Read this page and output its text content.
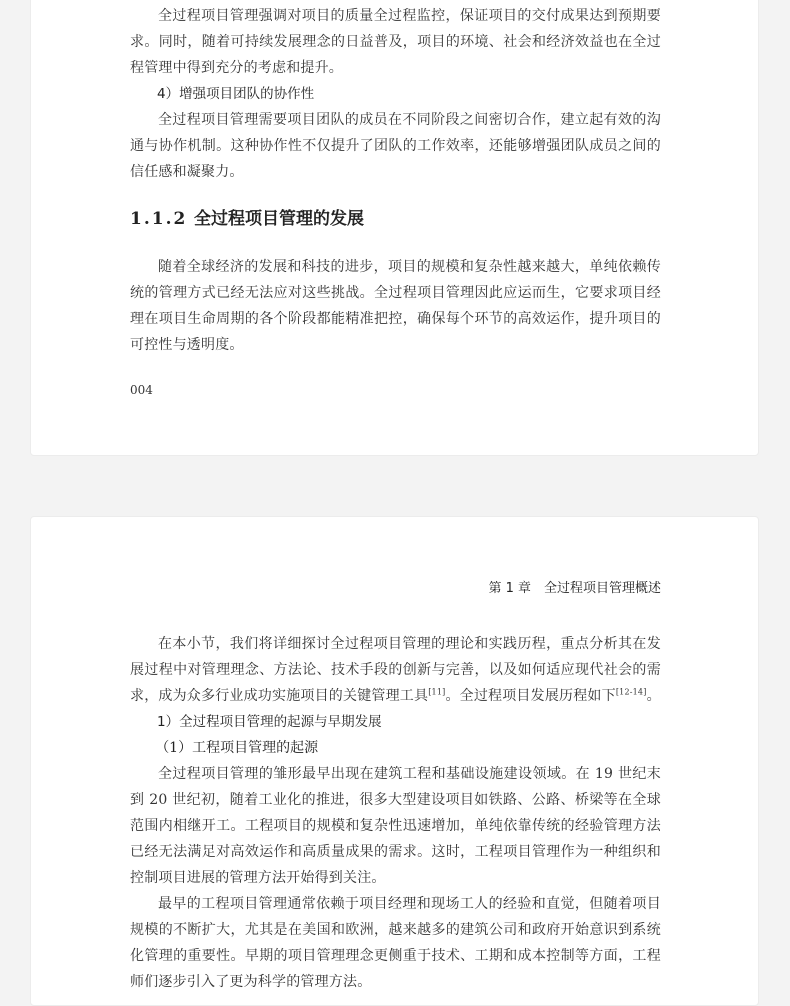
全过程项目管理强调对项目的质量全过程监控，保证项目的交付成果达到预期要求。同时，随着可持续发展理念的日益普及，项目的环境、社会和经济效益也在全过程管理中得到充分的考虑和提升。

4）增强项目团队的协作性

全过程项目管理需要项目团队的成员在不同阶段之间密切合作，建立起有效的沟通与协作机制。这种协作性不仅提升了团队的工作效率，还能够增强团队成员之间的信任感和凝聚力。

1.1.2 全过程项目管理的发展

随着全球经济的发展和科技的进步，项目的规模和复杂性越来越大，单纯依赖传统的管理方式已经无法应对这些挑战。全过程项目管理因此应运而生，它要求项目经理在项目生命周期的各个阶段都能精准把控，确保每个环节的高效运作，提升项目的可控性与透明度。

004
第 1 章　全过程项目管理概述

在本小节，我们将详细探讨全过程项目管理的理论和实践历程，重点分析其在发展过程中对管理理念、方法论、技术手段的创新与完善，以及如何适应现代社会的需求，成为众多行业成功实施项目的关键管理工具[11]。全过程项目发展历程如下[12-14]。

1）全过程项目管理的起源与早期发展
（1）工程项目管理的起源

全过程项目管理的雏形最早出现在建筑工程和基础设施建设领域。在 19 世纪末到 20 世纪初，随着工业化的推进，很多大型建设项目如铁路、公路、桥梁等在全球范围内相继开工。工程项目的规模和复杂性迅速增加，单纯依靠传统的经验管理方法已经无法满足对高效运作和高质量成果的需求。这时，工程项目管理作为一种组织和控制项目进展的管理方法开始得到关注。

最早的工程项目管理通常依赖于项目经理和现场工人的经验和直觉，但随着项目规模的不断扩大，尤其是在美国和欧洲，越来越多的建筑公司和政府开始意识到系统化管理的重要性。早期的项目管理理念更侧重于技术、工期和成本控制等方面，工程师们逐步引入了更为科学的管理方法。
